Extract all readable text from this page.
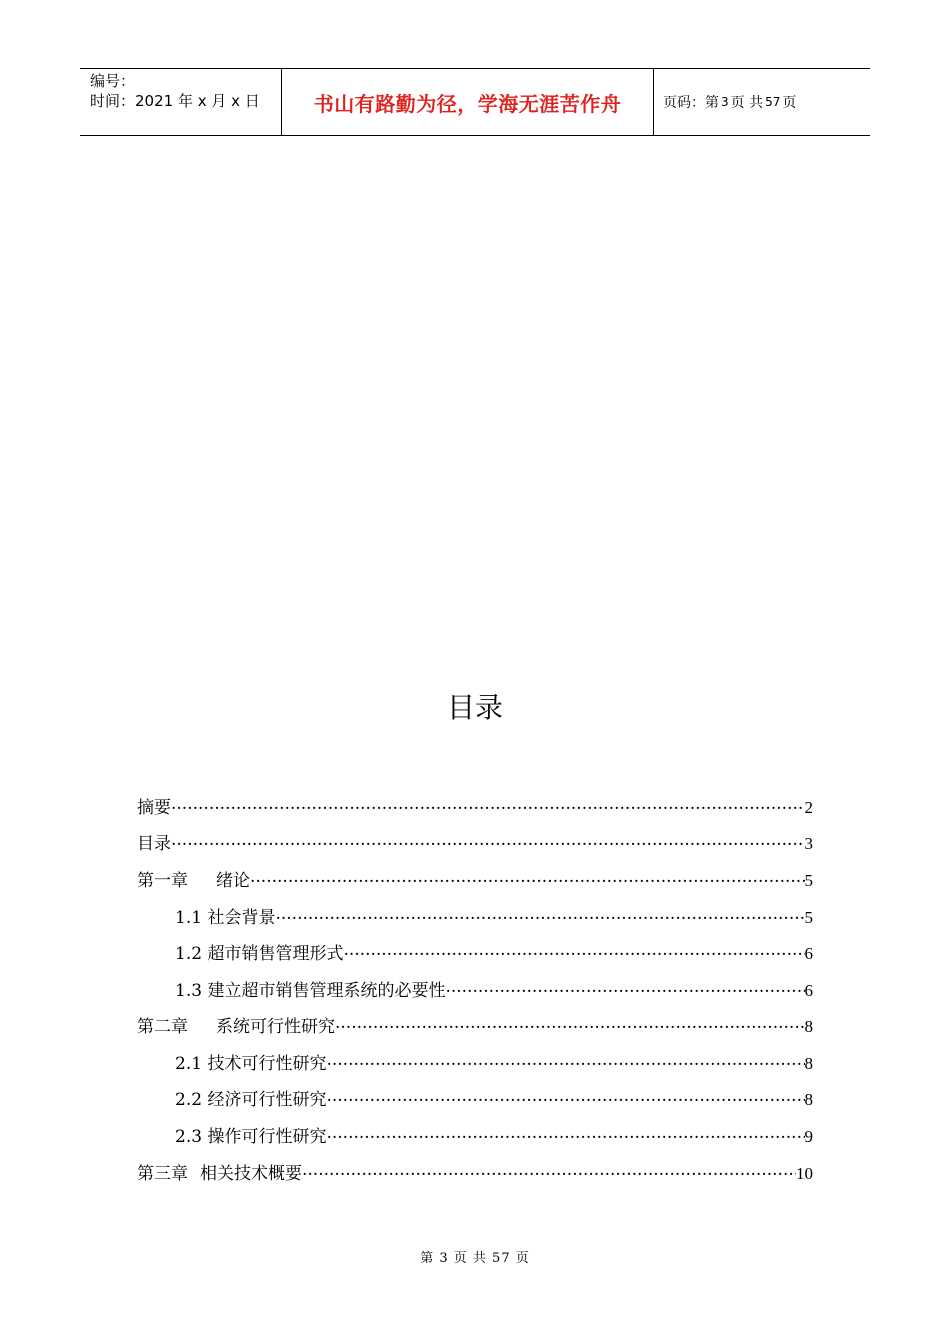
编号：
时间：2021 年 x 月 x 日	书山有路勤为径，学海无涯苦作舟	页码：第 3 页 共 57 页
目录
摘要 .....	2
目录 .....	3
第一章 绪论 .....	5
1.1 社会背景 .....	5
1.2 超市销售管理形式 .....	6
1.3 建立超市销售管理系统的必要性 .....	6
第二章 系统可行性研究 .....	8
2.1 技术可行性研究 .....	8
2.2 经济可行性研究 .....	8
2.3 操作可行性研究 .....	9
第三章 相关技术概要 .....	10
第 3 页 共 57 页
